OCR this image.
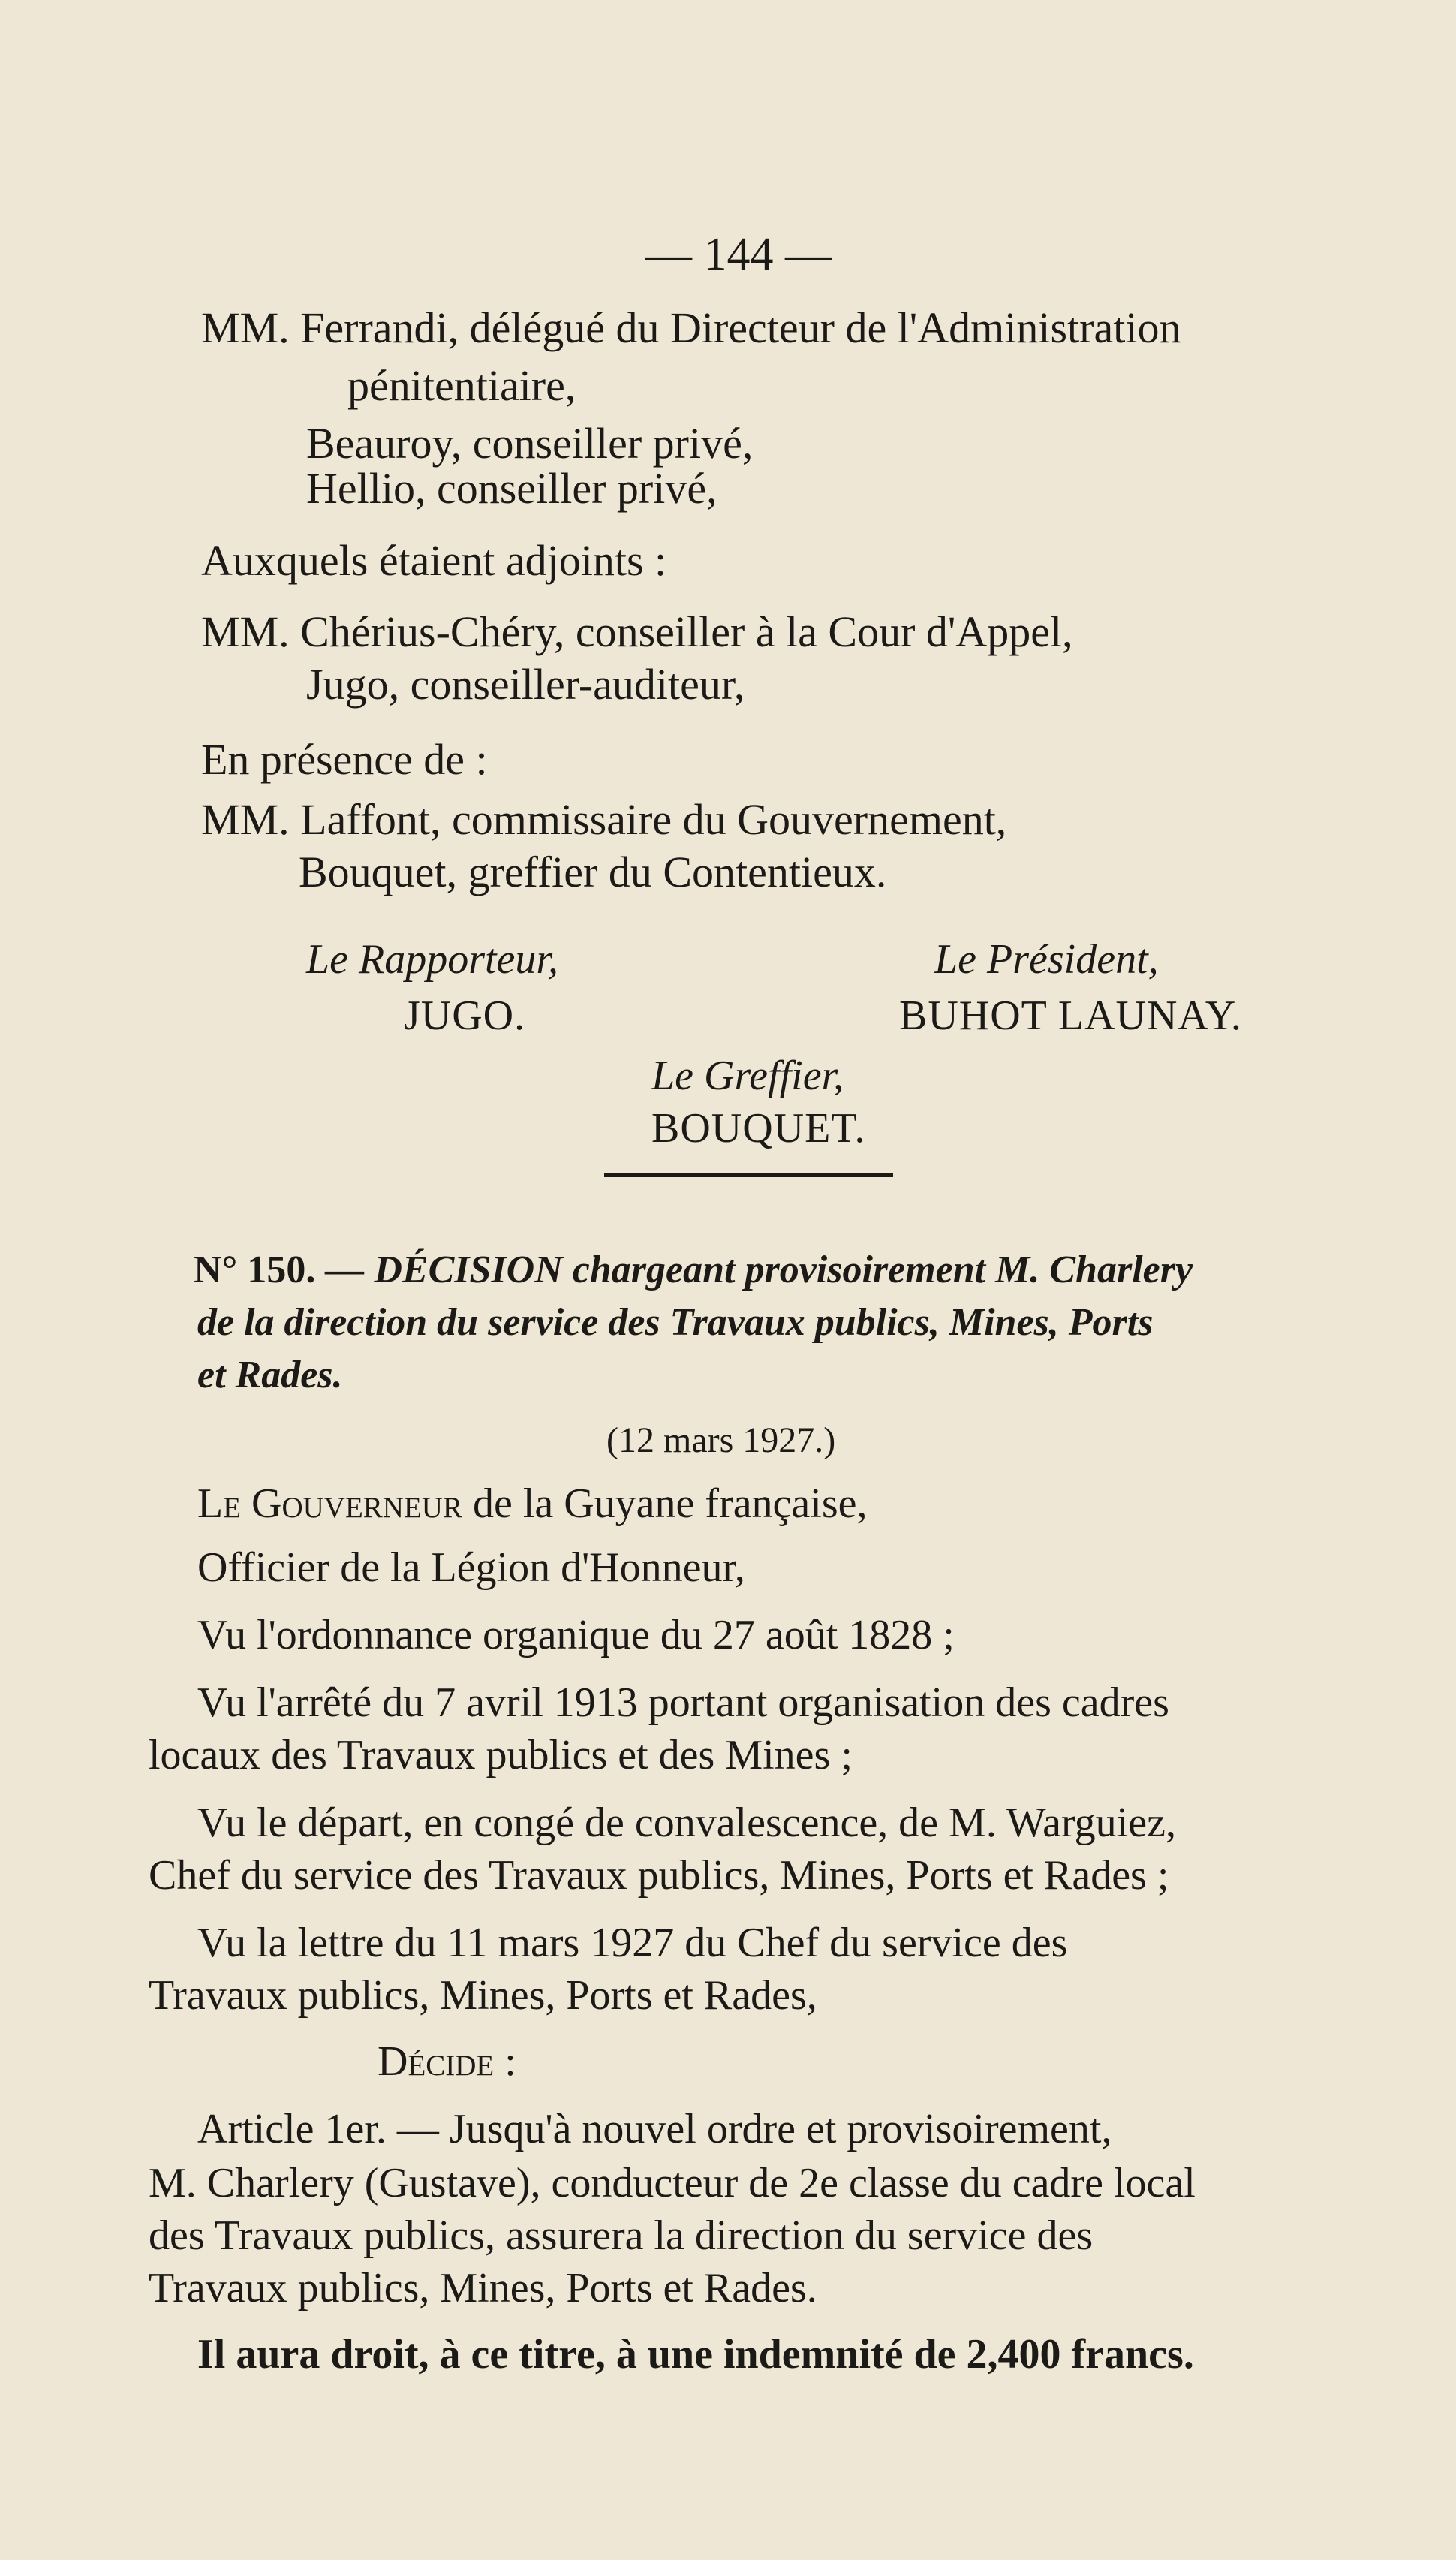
— 144 —
MM. Ferrandi, délégué du Directeur de l'Administration
pénitentiaire,
Beauroy, conseiller privé,
Hellio, conseiller privé,
Auxquels étaient adjoints :
MM. Chérius-Chéry, conseiller à la Cour d'Appel,
Jugo, conseiller-auditeur,
En présence de :
MM. Laffont, commissaire du Gouvernement,
Bouquet, greffier du Contentieux.
Le Rapporteur,
JUGO.
Le Président,
BUHOT LAUNAY.
Le Greffier,
BOUQUET.
N° 150. — DÉCISION chargeant provisoirement M. Charlery
de la direction du service des Travaux publics, Mines, Ports
et Rades.
(12 mars 1927.)
Le Gouverneur de la Guyane française,
Officier de la Légion d'Honneur,
Vu l'ordonnance organique du 27 août 1828 ;
Vu l'arrêté du 7 avril 1913 portant organisation des cadres
locaux des Travaux publics et des Mines ;
Vu le départ, en congé de convalescence, de M. Warguiez,
Chef du service des Travaux publics, Mines, Ports et Rades ;
Vu la lettre du 11 mars 1927 du Chef du service des
Travaux publics, Mines, Ports et Rades,
Décide :
Article 1er. — Jusqu'à nouvel ordre et provisoirement,
M. Charlery (Gustave), conducteur de 2e classe du cadre local
des Travaux publics, assurera la direction du service des
Travaux publics, Mines, Ports et Rades.
Il aura droit, à ce titre, à une indemnité de 2,400 francs.
